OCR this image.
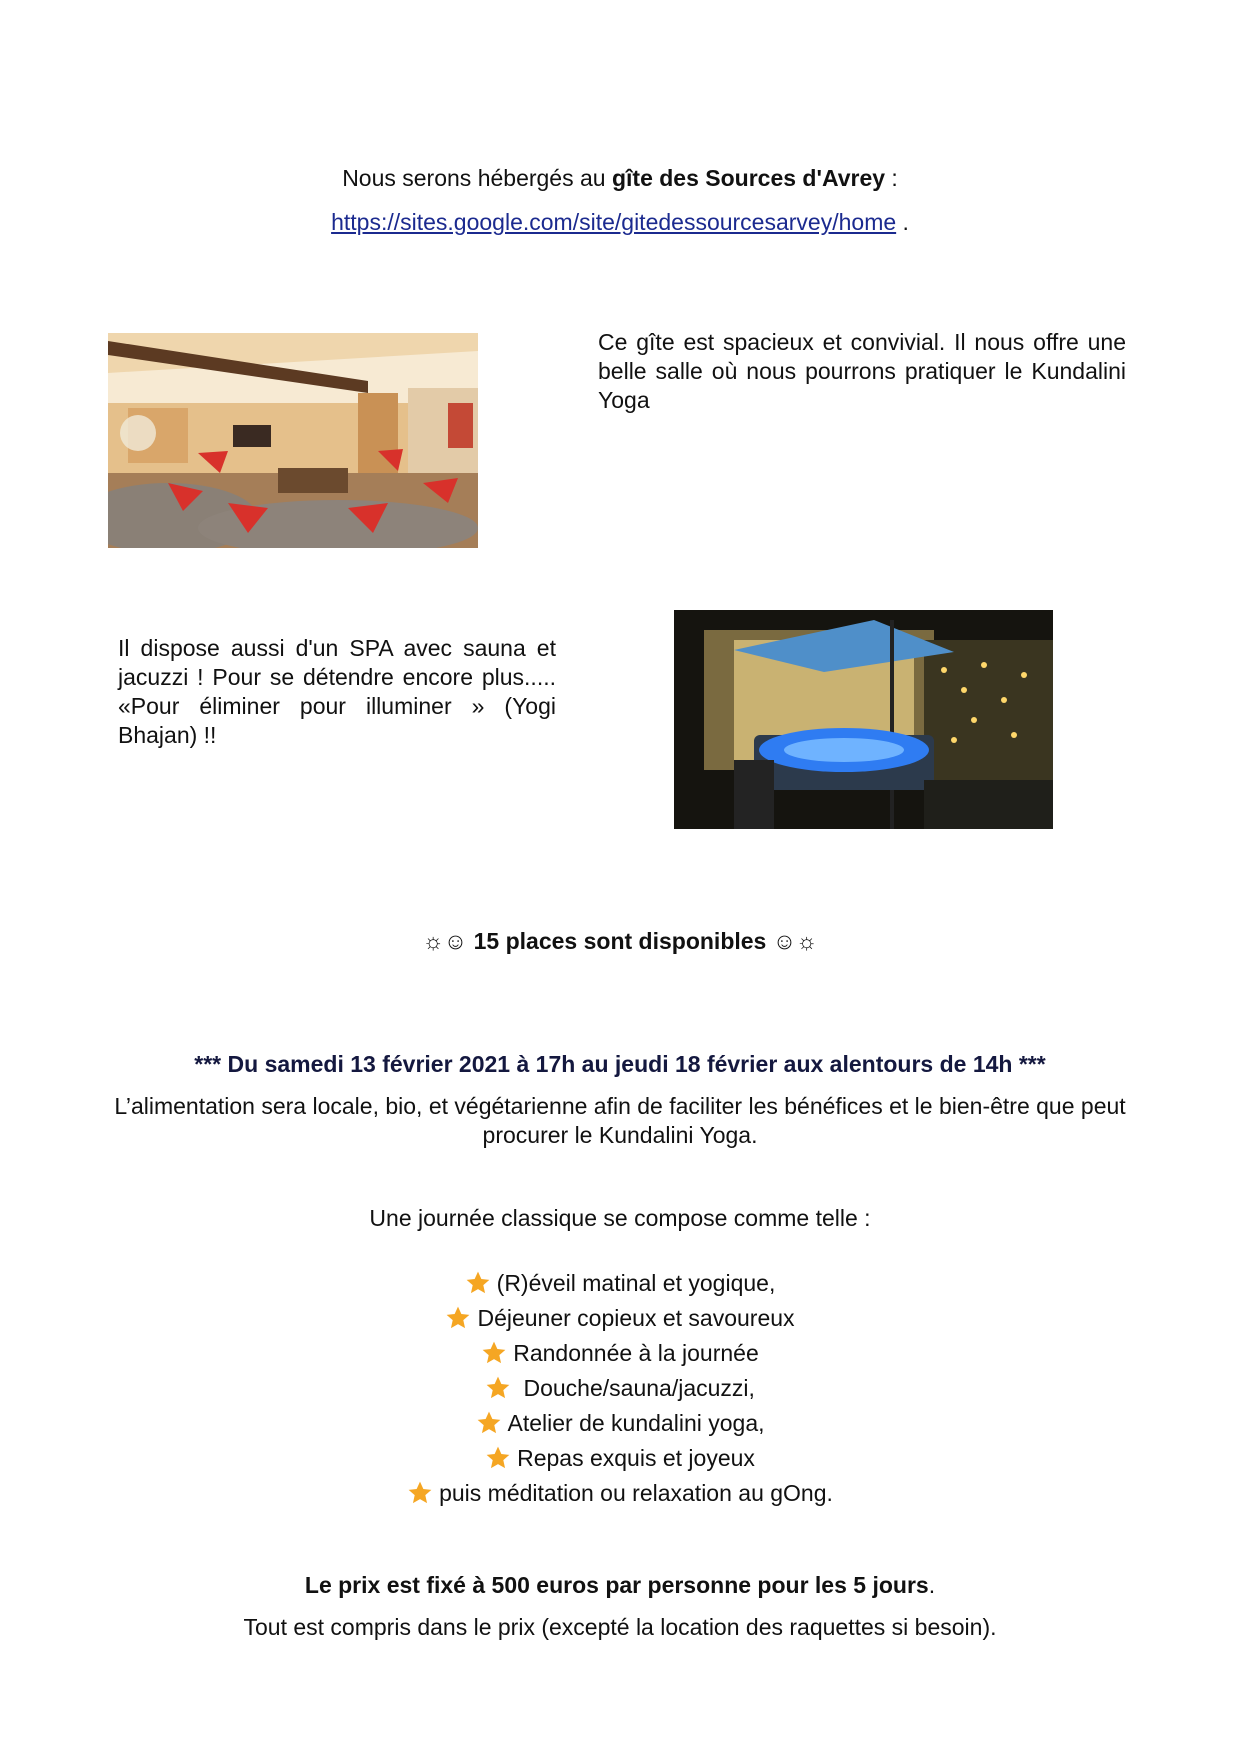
Nous serons hébergés au gîte des Sources d'Avrey :
https://sites.google.com/site/gitedessourcesarvey/home .
Ce gîte est spacieux et convivial. Il nous offre une belle salle où nous pourrons pratiquer le Kundalini Yoga
Il dispose aussi d'un SPA avec sauna et jacuzzi ! Pour se détendre encore plus..... «Pour éliminer pour illuminer » (Yogi Bhajan) !!
☼☺ 15 places sont disponibles ☺☼
*** Du samedi 13 février 2021 à 17h au jeudi 18 février aux alentours de 14h ***
L’alimentation sera locale, bio, et végétarienne afin de faciliter les bénéfices et le bien-être que peut procurer le Kundalini Yoga.
Une journée classique se compose comme telle :
(R)éveil matinal et yogique,
Déjeuner copieux et savoureux
Randonnée à la journée
Douche/sauna/jacuzzi,
Atelier de kundalini yoga,
Repas exquis et joyeux
puis méditation ou relaxation au gOng.
Le prix est fixé à 500 euros par personne pour les 5 jours.
Tout est compris dans le prix (excepté la location des raquettes si besoin).
